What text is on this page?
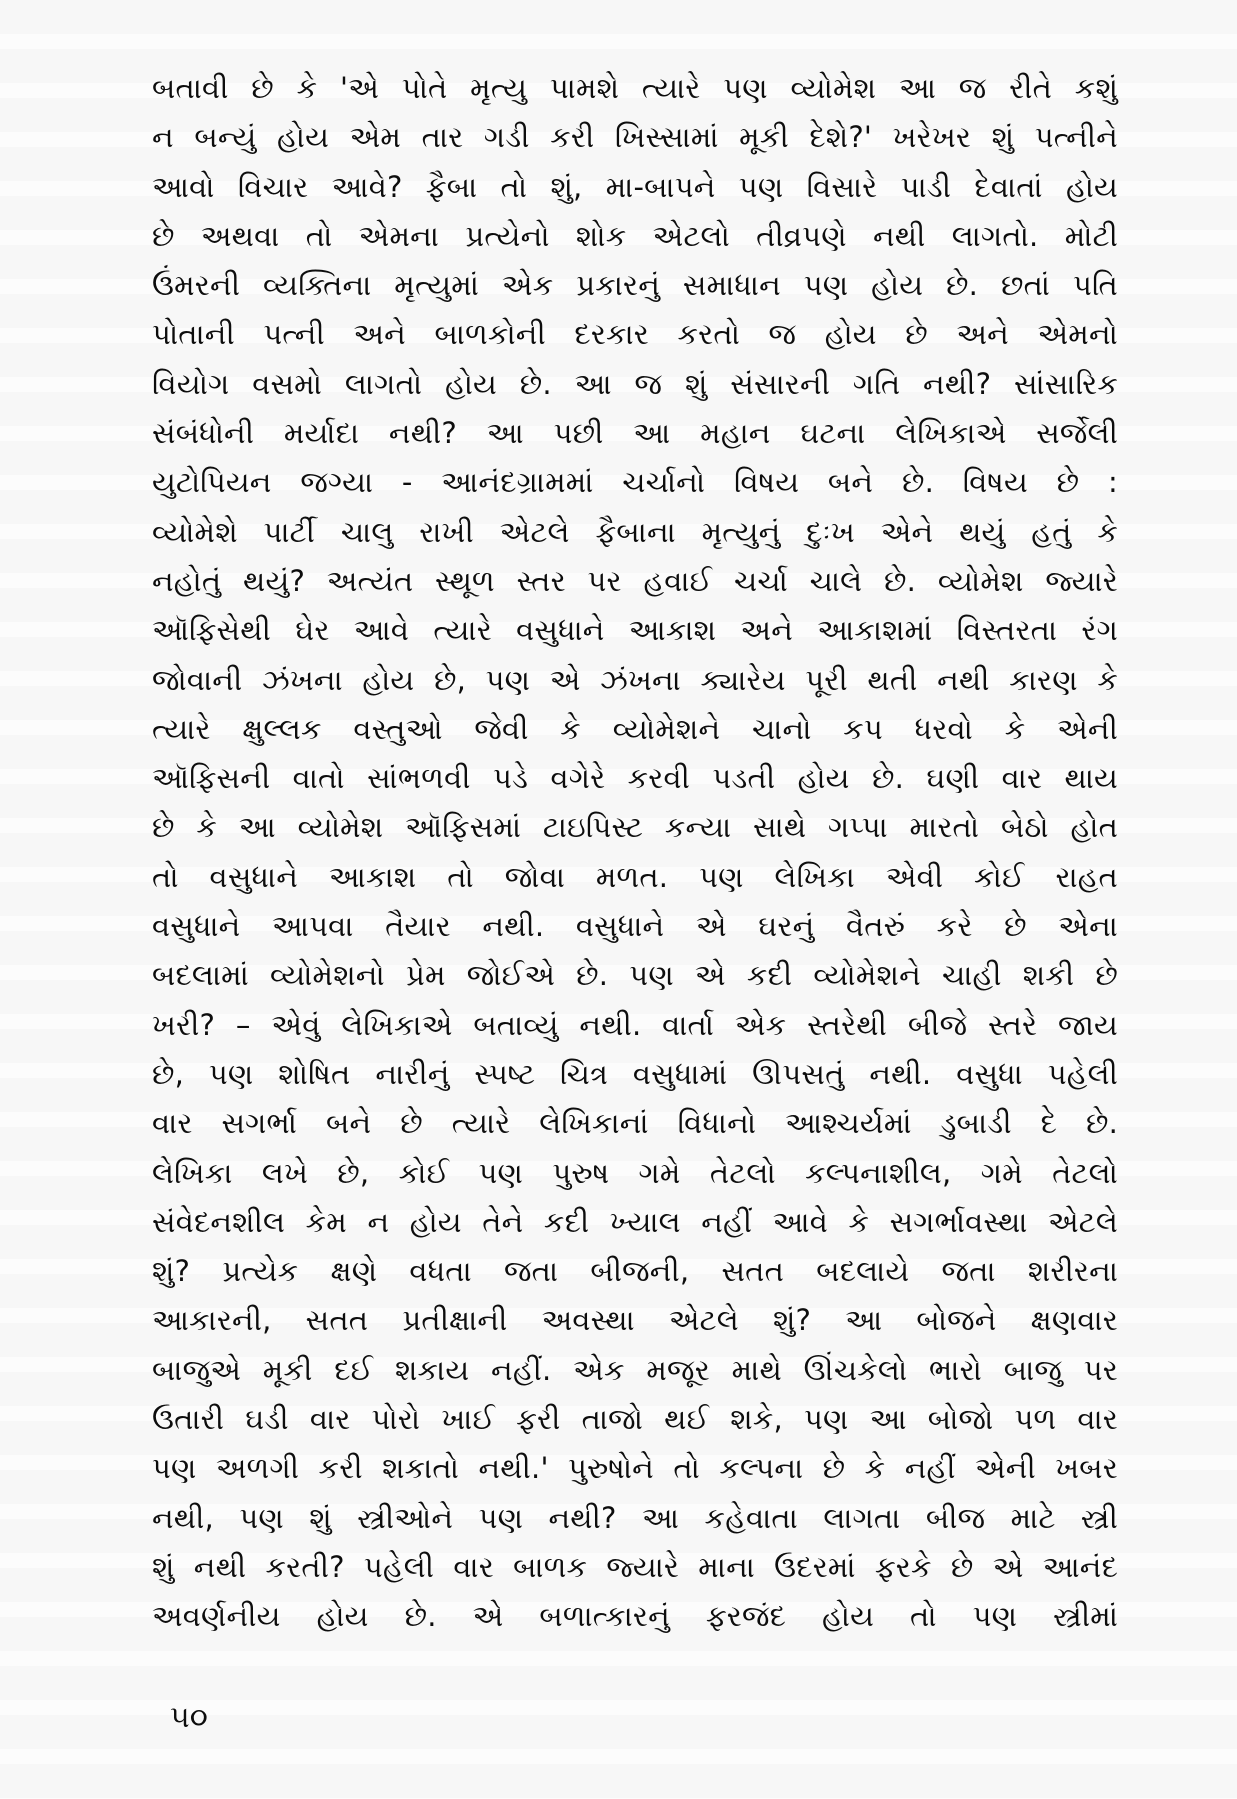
બતાવી છે કે 'એ પોતે મૃત્યુ પામશે ત્યારે પણ વ્યોમેશ આ જ રીતે કશું
ન બન્યું હોય એમ તાર ગડી કરી ખિસ્સામાં મૂકી દેશે?' ખરેખર શું પત્નીને
આવો વિચાર આવે? ફૈબા તો શું, મા-બાપને પણ વિસારે પાડી દેવાતાં હોય
છે અથવા તો એમના પ્રત્યેનો શોક એટલો તીવ્રપણે નથી લાગતો. મોટી
ઉંમરની વ્યક્તિના મૃત્યુમાં એક પ્રકારનું સમાધાન પણ હોય છે. છતાં પતિ
પોતાની પત્ની અને બાળકોની દરકાર કરતો જ હોય છે અને એમનો
વિયોગ વસમો લાગતો હોય છે. આ જ શું સંસારની ગતિ નથી? સાંસારિક
સંબંધોની મર્યાદા નથી? આ પછી આ મહાન ઘટના લેખિકાએ સર્જેલી
યુટોપિયન જગ્યા - આનંદગ્રામમાં ચર્ચાનો વિષય બને છે. વિષય છે :
વ્યોમેશે પાર્ટી ચાલુ રાખી એટલે ફૈબાના મૃત્યુનું દુઃખ એને થયું હતું કે
નહોતું થયું? અત્યંત સ્થૂળ સ્તર પર હવાઈ ચર્ચા ચાલે છે. વ્યોમેશ જ્યારે
ઑફિસેથી ઘેર આવે ત્યારે વસુધાને આકાશ અને આકાશમાં વિસ્તરતા રંગ
જોવાની ઝંખના હોય છે, પણ એ ઝંખના ક્યારેય પૂરી થતી નથી કારણ કે
ત્યારે ક્ષુલ્લક વસ્તુઓ જેવી કે વ્યોમેશને ચાનો કપ ધરવો કે એની
ઑફિસની વાતો સાંભળવી પડે વગેરે કરવી પડતી હોય છે. ઘણી વાર થાય
છે કે આ વ્યોમેશ ઑફિસમાં ટાઇપિસ્ટ કન્યા સાથે ગપ્પા મારતો બેઠો હોત
તો વસુધાને આકાશ તો જોવા મળત. પણ લેખિકા એવી કોઈ રાહત
વસુધાને આપવા તૈયાર નથી. વસુધાને એ ઘરનું વૈતરું કરે છે એના
બદલામાં વ્યોમેશનો પ્રેમ જોઈએ છે. પણ એ કદી વ્યોમેશને ચાહી શકી છે
ખરી? – એવું લેખિકાએ બતાવ્યું નથી. વાર્તા એક સ્તરેથી બીજે સ્તરે જાય
છે, પણ શોષિત નારીનું સ્પષ્ટ ચિત્ર વસુધામાં ઊપસતું નથી. વસુધા પહેલી
વાર સગર્ભા બને છે ત્યારે લેખિકાનાં વિધાનો આશ્ચર્યમાં ડુબાડી દે છે.
લેખિકા લખે છે, કોઈ પણ પુરુષ ગમે તેટલો કલ્પનાશીલ, ગમે તેટલો
સંવેદનશીલ કેમ ન હોય તેને કદી ખ્યાલ નહીં આવે કે સગર્ભાવસ્થા એટલે
શું? પ્રત્યેક ક્ષણે વધતા જતા બીજની, સતત બદલાયે જતા શરીરના
આકારની, સતત પ્રતીક્ષાની અવસ્થા એટલે શું? આ બોજને ક્ષણવાર
બાજુએ મૂકી દઈ શકાય નહીં. એક મજૂર માથે ઊંચકેલો ભારો બાજુ પર
ઉતારી ઘડી વાર પોરો ખાઈ ફરી તાજો થઈ શકે, પણ આ બોજો પળ વાર
પણ અળગી કરી શકાતો નથી.' પુરુષોને તો કલ્પના છે કે નહીં એની ખબર
નથી, પણ શું સ્ત્રીઓને પણ નથી? આ કહેવાતા લાગતા બીજ માટે સ્ત્રી
શું નથી કરતી? પહેલી વાર બાળક જ્યારે માના ઉદરમાં ફરકે છે એ આનંદ
અવર્ણનીય હોય છે. એ બળાત્કારનું ફરજંદ હોય તો પણ સ્ત્રીમાં
૫૦
